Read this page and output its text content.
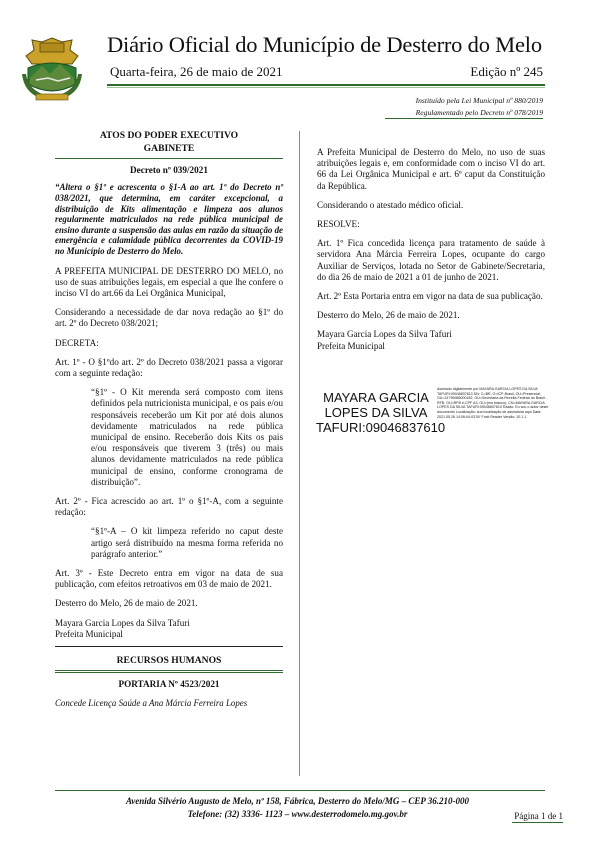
Diário Oficial do Município de Desterro do Melo
Quarta-feira, 26 de maio de 2021	Edição nº 245
Instituído pela Lei Municipal nº 880/2019
Regulamentado pelo Decreto nº 078/2019
ATOS DO PODER EXECUTIVO
GABINETE
Decreto nº 039/2021

“Altera o §1º e acrescenta o §1-A ao art. 1º do Decreto nº 038/2021, que determina, em caráter excepcional, a distribuição de Kits alimentação e limpeza aos alunos regularmente matriculados na rede pública municipal de ensino durante a suspensão das aulas em razão da situação de emergência e calamidade pública decorrentes da COVID-19 no Município de Desterro do Melo.

A PREFEITA MUNICIPAL DE DESTERRO DO MELO, no uso de suas atribuições legais, em especial a que lhe confere o inciso VI do art.66 da Lei Orgânica Municipal,

Considerando a necessidade de dar nova redação ao §1º do art. 2º do Decreto 038/2021;

DECRETA:

Art. 1º - O §1ºdo art. 2º do Decreto 038/2021 passa a vigorar com a seguinte redação:

“§1º - O Kit merenda será composto com itens definidos pela nutricionista municipal, e os pais e/ou responsáveis receberão um Kit por até dois alunos devidamente matriculados na rede pública municipal de ensino. Receberão dois Kits os pais e/ou responsáveis que tiverem 3 (três) ou mais alunos devidamente matriculados na rede pública municipal de ensino, conforme cronograma de distribuição”.

Art. 2º - Fica acrescido ao art. 1º o §1º-A, com a seguinte redação:

“§1º-A – O kit limpeza referido no caput deste artigo será distribuído na mesma forma referida no parágrafo anterior.”

Art. 3º - Este Decreto entra em vigor na data de sua publicação, com efeitos retroativos em 03 de maio de 2021.

Desterro do Melo, 26 de maio de 2021.

Mayara Garcia Lopes da Silva Tafuri

Prefeita Municipal

RECURSOS HUMANOS
PORTARIA Nº 4523/2021

Concede Licença Saúde a Ana Márcia Ferreira Lopes

A Prefeita Municipal de Desterro do Melo, no uso de suas atribuições legais e, em conformidade com o inciso VI do art. 66 da Lei Orgânica Municipal e art. 6º caput da Constituição da República.

Considerando o atestado médico oficial.

RESOLVE:

Art. 1º Fica concedida licença para tratamento de saúde à servidora Ana Márcia Ferreira Lopes, ocupante do cargo Auxiliar de Serviços, lotada no Setor de Gabinete/Secretaria, do dia 26 de maio de 2021 a 01 de junho de 2021.

Art. 2º Esta Portaria entra em vigor na data de sua publicação.

Desterro do Melo, 26 de maio de 2021.

Mayara Garcia Lopes da Silva Tafuri

Prefeita Municipal

MAYARA GARCIA
LOPES DA SILVA
TAFURI:09046837610
Assinado digitalmente por MAYARA GARCIA LOPES DA SILVA TAFURI:09046837610 DN: C=BR, O=ICP-Brasil, OU=Presencial, OU=31796985000182, OU=Secretaria da Receita Federal do Brasil - RFB, OU=RFB e-CPF A3, OU=(em branco), CN=MAYARA GARCIA LOPES DA SILVA TAFURI:09046837610 Razão: Eu sou o autor deste documento Localização: sua localização de assinatura aqui Data: 2021.05.26 14:06:04-03'00' Foxit Reader Versão: 10.1.1
Avenida Silvério Augusto de Melo, nº 158, Fábrica, Desterro do Melo/MG – CEP 36.210-000
Telefone: (32) 3336- 1123 – www.desterrodomelo.mg.gov.br	Página 1 de 1
